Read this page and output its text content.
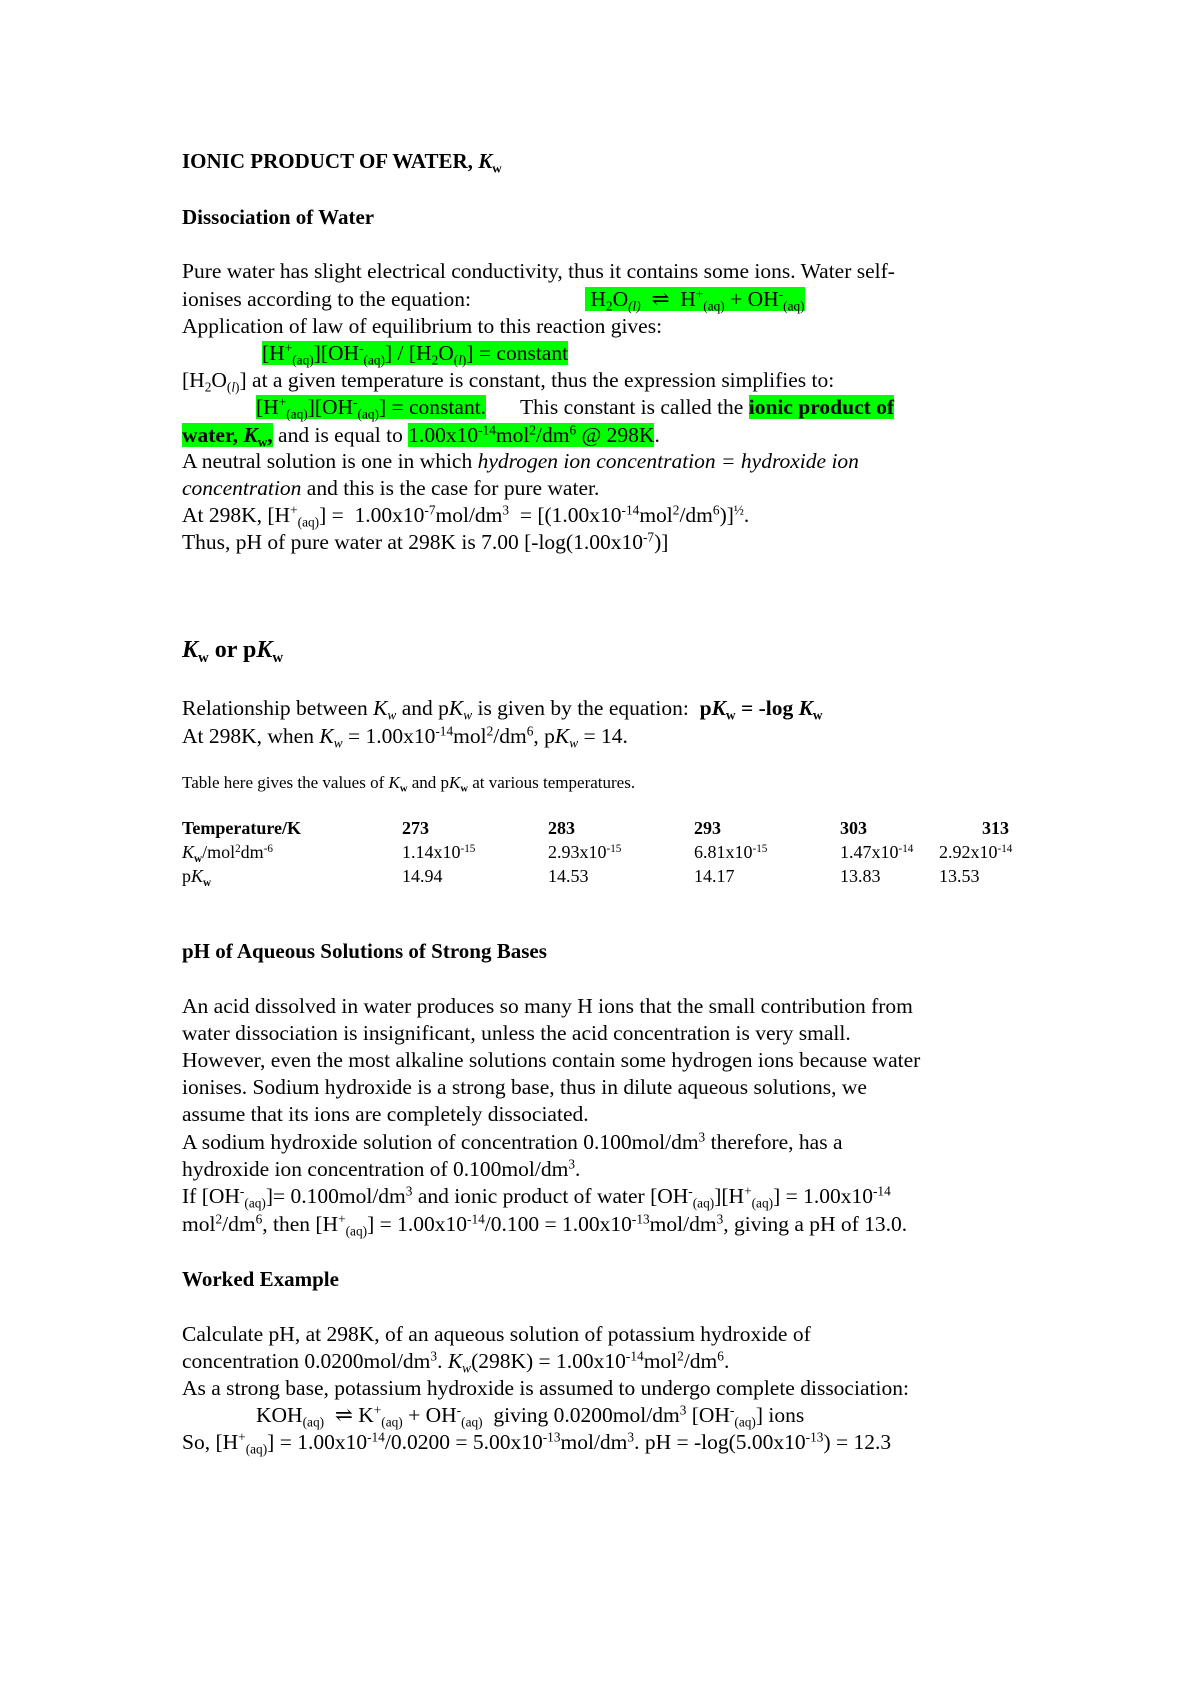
IONIC PRODUCT OF WATER, $K_w$
Dissociation of Water
Pure water has slight electrical conductivity, thus it contains some ions. Water self-
ionises according to the equation:	$H_2O_{(l)}$ ⇌ $H^+_{(aq)} + OH^-_{(aq)}$
Application of law of equilibrium to this reaction gives:
$[H^+_{(aq)}][OH^-_{(aq)}] / [H_2O_{(l)}]$ = constant
$[H_2O_{(l)}]$ at a given temperature is constant, thus the expression simplifies to:
$[H^+_{(aq)}][OH^-_{(aq)}]$ = constant. This constant is called the ionic product of
water, $K_w$, and is equal to $1.00x10^{-14}mol^2/dm^6$ @ 298K.
A neutral solution is one in which hydrogen ion concentration = hydroxide ion
concentration and this is the case for pure water.
At 298K, $[H^+_{(aq)}] = 1.00x10^{-7}mol/dm^3 = [(1.00x10^{-14}mol^2/dm^6)]^{\frac{1}{2}}$.
Thus, pH of pure water at 298K is 7.00 $[-\log(1.00x10^{-7})]$
$K_w$ or $pK_w$
Relationship between $K_w$ and $pK_w$ is given by the equation:  $pK_w = -\log$ $K_w$
At 298K, when $K_w = 1.00x10^{-14}mol^2/dm^6$, $pK_w = 14$.
Table here gives the values of $K_w$ and $pK_w$ at various temperatures.
Temperature/K	273	283	293	303	313
$K_w/mol^2dm^{-6}$	$1.14x10^{-15}$	$2.93x10^{-15}$	$6.81x10^{-15}$	$1.47x10^{-14}$ $2.92x10^{-14}$
$pK_w$	14.94	14.53	14.17	13.83	13.53
pH of Aqueous Solutions of Strong Bases
An acid dissolved in water produces so many H ions that the small contribution from
water dissociation is insignificant, unless the acid concentration is very small.
However, even the most alkaline solutions contain some hydrogen ions because water
ionises. Sodium hydroxide is a strong base, thus in dilute aqueous solutions, we
assume that its ions are completely dissociated.
A sodium hydroxide solution of concentration $0.100mol/dm^3$ therefore, has a
hydroxide ion concentration of $0.100mol/dm^3$.
If $[OH^-_{(aq)}]= 0.100mol/dm^3$ and ionic product of water $[OH^-_{(aq)}][H^+_{(aq)}] = 1.00x10^{-14}$
$mol^2/dm^6$, then $[H^+_{(aq)}] = 1.00x10^{-14}/0.100 = 1.00x10^{-13}mol/dm^3$, giving a pH of 13.0.
Worked Example
Calculate pH, at 298K, of an aqueous solution of potassium hydroxide of
concentration $0.0200mol/dm^3$. $K_w(298K) = 1.00x10^{-14}mol^2/dm^6$.
As a strong base, potassium hydroxide is assumed to undergo complete dissociation:
$KOH_{(aq)}$  ⇌ $K^+_{(aq)} + OH^-_{(aq)}$  giving $0.0200mol/dm^3$ $[OH^-_{(aq)}]$ ions
So, $[H^+_{(aq)}] = 1.00x10^{-14}/0.0200 = 5.00x10^{-13}mol/dm^3$. pH = $-\log(5.00x10^{-13}) = 12.3$
